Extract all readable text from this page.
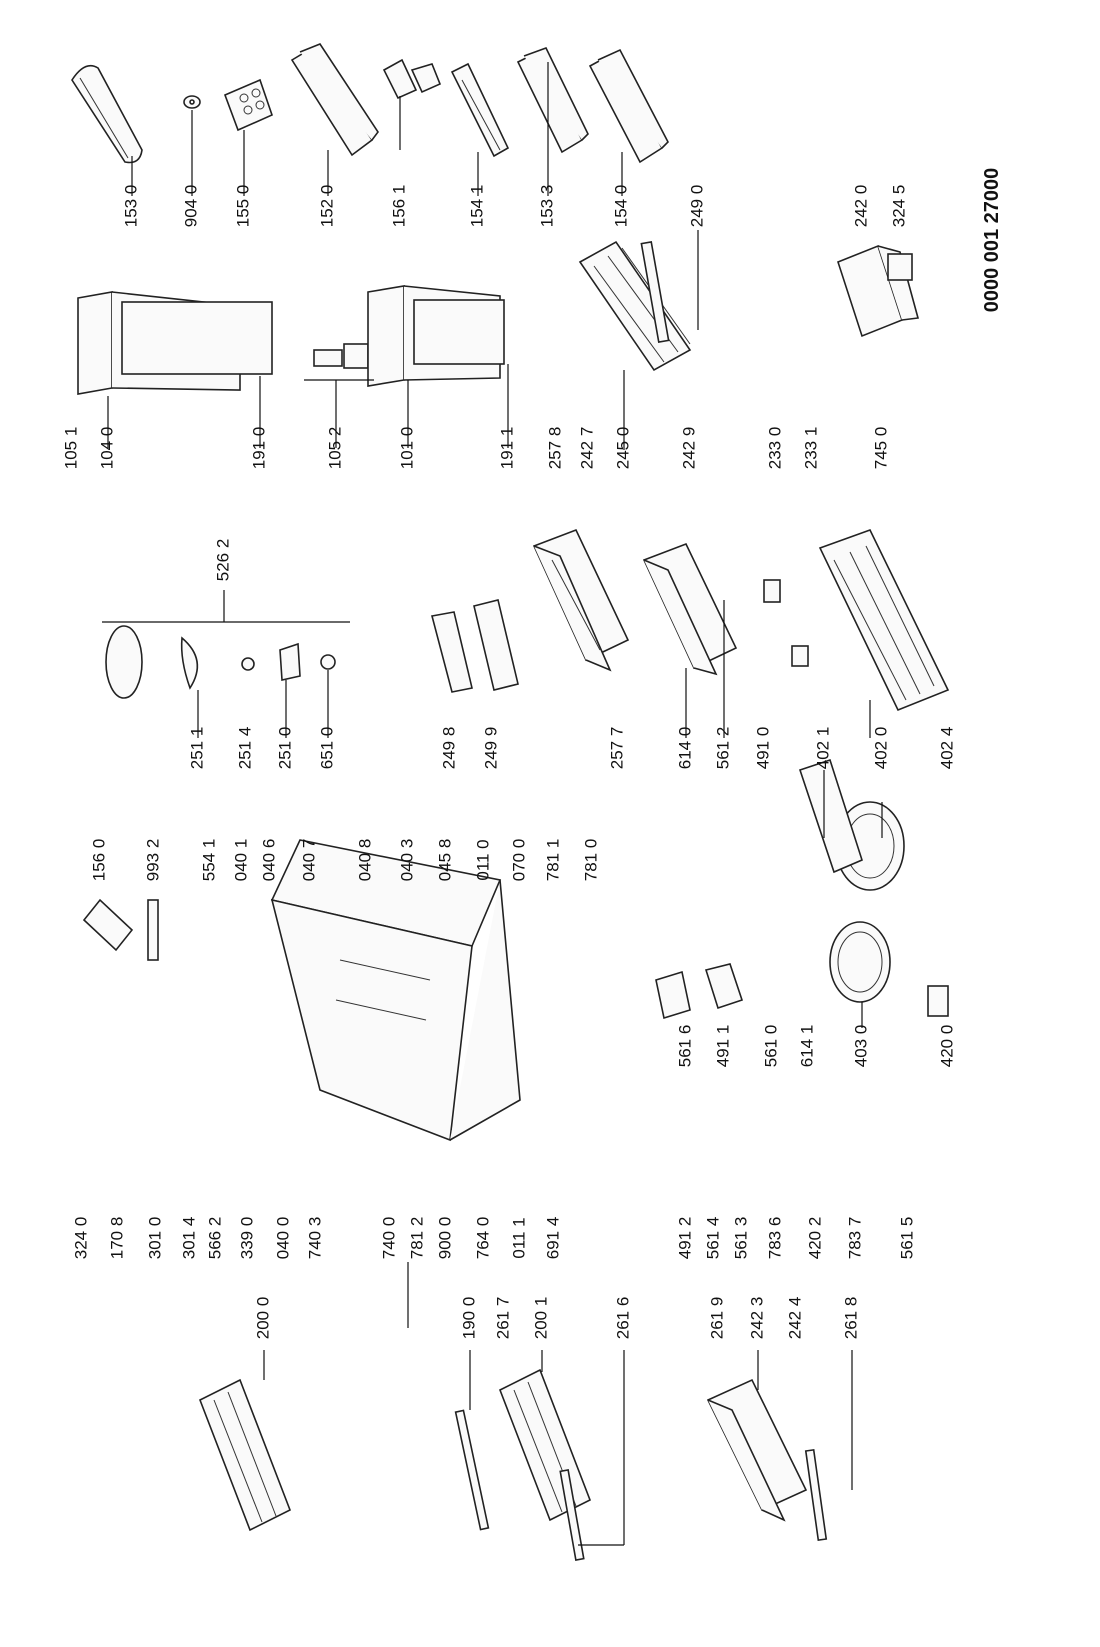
153 0 904 0 155 0	152 0	156 1	154 1	153 3	154 0	249 0	242 0 324 5
105 1 104 0	191 0	105 2	101 0	191 1 257 8 242 7 245 0	242 9	233 0 233 1	745 0
526 2
251 1 251 4 251 0 651 0	249 8 249 9	257 7	614 0 561 2 491 0 402 1 402 0	402 4
156 0 993 2 554 1 040 1 040 6 040 7 040 8 040 3 045 8 011 0 070 0 781 1 781 0
561 6 491 1 561 0 614 1 403 0	420 0
324 0 170 8 301 0 301 4 566 2 339 0 040 0 740 3	740 0 781 2 900 0 764 0 011 1 691 4	491 2 561 4 561 3 783 6 420 2 783 7 561 5
200 0	190 0 261 7 200 1	261 6	261 9 242 3 242 4 261 8
0000 001 27000
